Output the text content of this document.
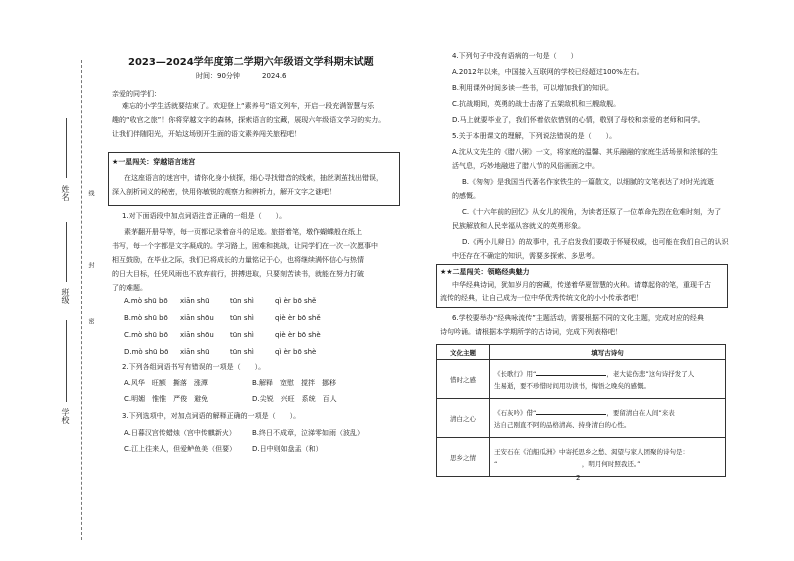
姓名
班级
学校
线
封
密
2023—2024学年度第二学期六年级语文学科期末试题
时间：90分钟	2024.6
亲爱的同学们：
难忘的小学生活就要结束了。欢迎登上“素养号”语文列车，开启一段充满智慧与乐
趣的“收官之旅”！你将穿越文字的森林，探索语言的宝藏，展现六年级语文学习的实力。
让我们伴随阳光，开始这场别开生面的语文素养闯关旅程吧！
★一星闯关：穿越语言迷宫
在这座语言的迷宫中，请你化身小侦探，细心寻找错音的线索，抽丝剥茧找出错误，
深入剖析词义的秘密，快用你敏锐的观察力和辨析力，解开文字之谜吧！
1.对下面语段中加点词语注音正确的一组是（　　）。
素茅翻开册导等，每一页都记录着奋斗的足迹。旅搭着笔，墩作蝴蝶般在纸上
书写，每一个字都是文字凝成的。学习路上，困难和挑战，让同学们在一次一次愿事中
相互鼓励，在毕业之际，我们已将成长的力量铭记于心，也将继续满怀信心与热情
的日大目标，任凭风雨也不放弃前行，拼搏进取，只要刻苦读书，就能在努力打破
了的难题。
A.mò shū bō xiān shū	tūn shì	qì èr bō shě
B.mò shū bō xiān shōu tūn shì	qiè èr bō shě
C.mò shū bō xiān shōu tūn shì	qiè èr bō shè
D.mò shū bō xiān shū	tūn shì	qì èr bō shè
2.下列各组词语书写有错误的一项是（　　）。
A.风华　旺额　撕落　涨潭	B.解释　宽慰　搅拌　挪移
C.明媚　惟惟　严俊　避免	D.尖锐　兴旺　系统　百人
3.下列选项中，对加点词语的解释正确的一项是（　　）。
A.日暮汉宫传蜡烛（宫中传麒新火） B.终日不成章，泣涕零如雨（波乱）
C.江上往来人，但爱鲈鱼美（但要） D.日中则如盘盂（和）
4.下列句子中没有语病的一句是（　　）
A.2012年以来，中国接入互联网的学校已经超过100%左右。
B.利用课外时间多读一些书，可以增加我们的知识。
C.抗战期间，英勇的战士击落了五架敌机和三艘敌舰。
D.马上就要毕业了，我们怀着依依惜别的心情，敬别了母校和亲爱的老师和同学。
5.关于本册课文的理解，下列说法错误的是（　　）。
A.沈从文先生的《腊八粥》一文，将家庭的温馨、其乐融融的家庭生活场景和浓郁的生
活气息，巧妙地融进了腊八节的风俗画面之中。
B.《匆匆》是我国当代著名作家铁生的一篇散文，以细腻的文笔表达了对时光流逝
的感慨。
C.《十六年前的回忆》从女儿的视角，为读者还原了一位革命先烈在危难时刻，为了
民族解放和人民幸福从容就义的英勇形象。
D.《两小儿辩日》的故事中，孔子启发我们要敢于怀疑权威，也可能在我们自己的认识
中还存在不确定的知识，需要多探索、多思考。
★★二星闯关：领略经典魅力
中华经典诗词，犹如岁月的窖藏，传递着华夏智慧的火种。请尊起你的笔，重现千古
流传的经典，让自己成为一位中华优秀传统文化的小小传承者吧！
6.学校要举办“经典咏流传”主题活动，需要根据不同的文化主题，完成对应的经典
诗句吟诵。请根据本学期所学的古诗词，完成下列表格吧！
文化主题	填写古诗句
惜时之感	《长歌行》用“ ，老大徒伤悲”这句诗抒发了人
生易逝，要不珍惜时间用功读书，悔悟之晚矣的感慨。

清白之心	《石灰吟》借“ ，要留清白在人间”来表
达自己刚直不阿的品格清高、持身清白的心性。

思乡之情	王安石在《泊船瓜洲》中寄托思乡之愁、渴望与家人团聚的诗句是：
“　　　　　　　　　　　　　，明月何时照我还。”
2
